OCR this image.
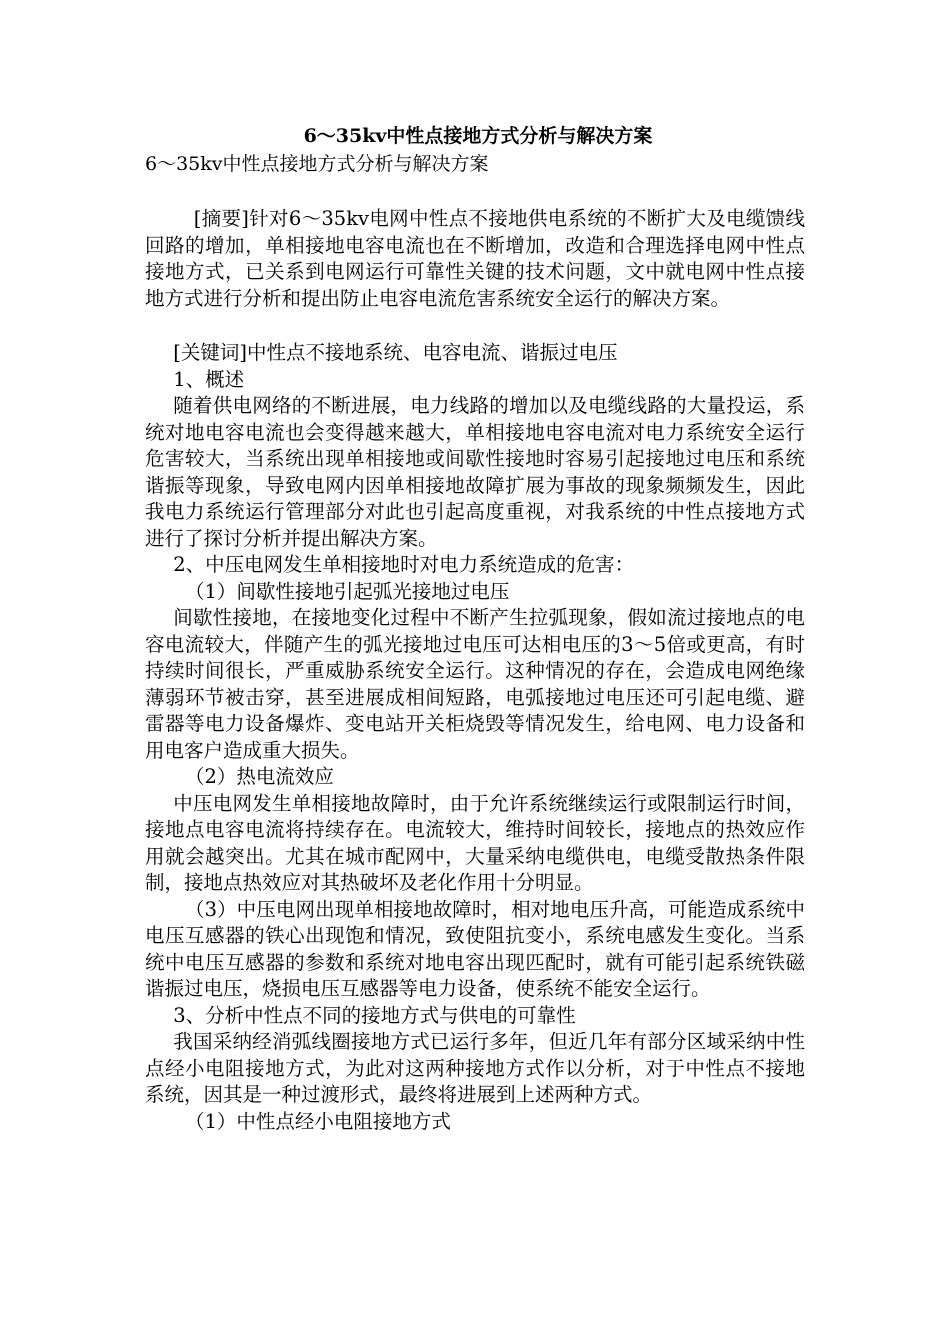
6～35kv中性点接地方式分析与解决方案

6～35kv中性点接地方式分析与解决方案

[摘要]针对6～35kv电网中性点不接地供电系统的不断扩大及电缆馈线回路的增加，单相接地电容电流也在不断增加，改造和合理选择电网中性点接地方式，已关系到电网运行可靠性关键的技术问题，文中就电网中性点接地方式进行分析和提出防止电容电流危害系统安全运行的解决方案。

[关键词]中性点不接地系统、电容电流、谐振过电压

1、概述

随着供电网络的不断进展，电力线路的增加以及电缆线路的大量投运，系统对地电容电流也会变得越来越大，单相接地电容电流对电力系统安全运行危害较大，当系统出现单相接地或间歇性接地时容易引起接地过电压和系统谐振等现象，导致电网内因单相接地故障扩展为事故的现象频频发生，因此我电力系统运行管理部分对此也引起高度重视，对我系统的中性点接地方式进行了探讨分析并提出解决方案。

2、中压电网发生单相接地时对电力系统造成的危害：

（1）间歇性接地引起弧光接地过电压

间歇性接地，在接地变化过程中不断产生拉弧现象，假如流过接地点的电容电流较大，伴随产生的弧光接地过电压可达相电压的3～5倍或更高，有时持续时间很长，严重威胁系统安全运行。这种情况的存在，会造成电网绝缘薄弱环节被击穿，甚至进展成相间短路，电弧接地过电压还可引起电缆、避雷器等电力设备爆炸、变电站开关柜烧毁等情况发生，给电网、电力设备和用电客户造成重大损失。

（2）热电流效应

中压电网发生单相接地故障时，由于允许系统继续运行或限制运行时间，接地点电容电流将持续存在。电流较大，维持时间较长，接地点的热效应作用就会越突出。尤其在城市配网中，大量采纳电缆供电，电缆受散热条件限制，接地点热效应对其热破坏及老化作用十分明显。

（3）中压电网出现单相接地故障时，相对地电压升高，可能造成系统中电压互感器的铁心出现饱和情况，致使阻抗变小，系统电感发生变化。当系统中电压互感器的参数和系统对地电容出现匹配时，就有可能引起系统铁磁谐振过电压，烧损电压互感器等电力设备，使系统不能安全运行。

3、分析中性点不同的接地方式与供电的可靠性

我国采纳经消弧线圈接地方式已运行多年，但近几年有部分区域采纳中性点经小电阻接地方式，为此对这两种接地方式作以分析，对于中性点不接地系统，因其是一种过渡形式，最终将进展到上述两种方式。

（1）中性点经小电阻接地方式
